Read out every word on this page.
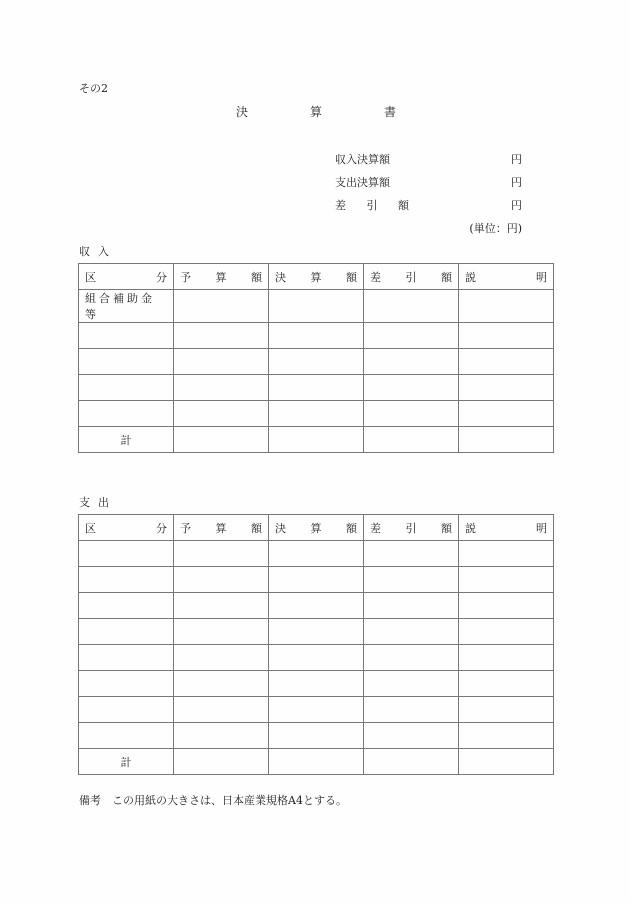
その2
決	算	書
収入決算額	円
支出決算額	円
差 引 額	円
(単位：円)
収入
区 分	予 算 額	決 算 額	差 引 額	説 明

組合補助金等				

計				
支出
区 分	予 算 額	決 算 額	差 引 額	説 明

計				
備考　この用紙の大きさは、日本産業規格A4とする。
